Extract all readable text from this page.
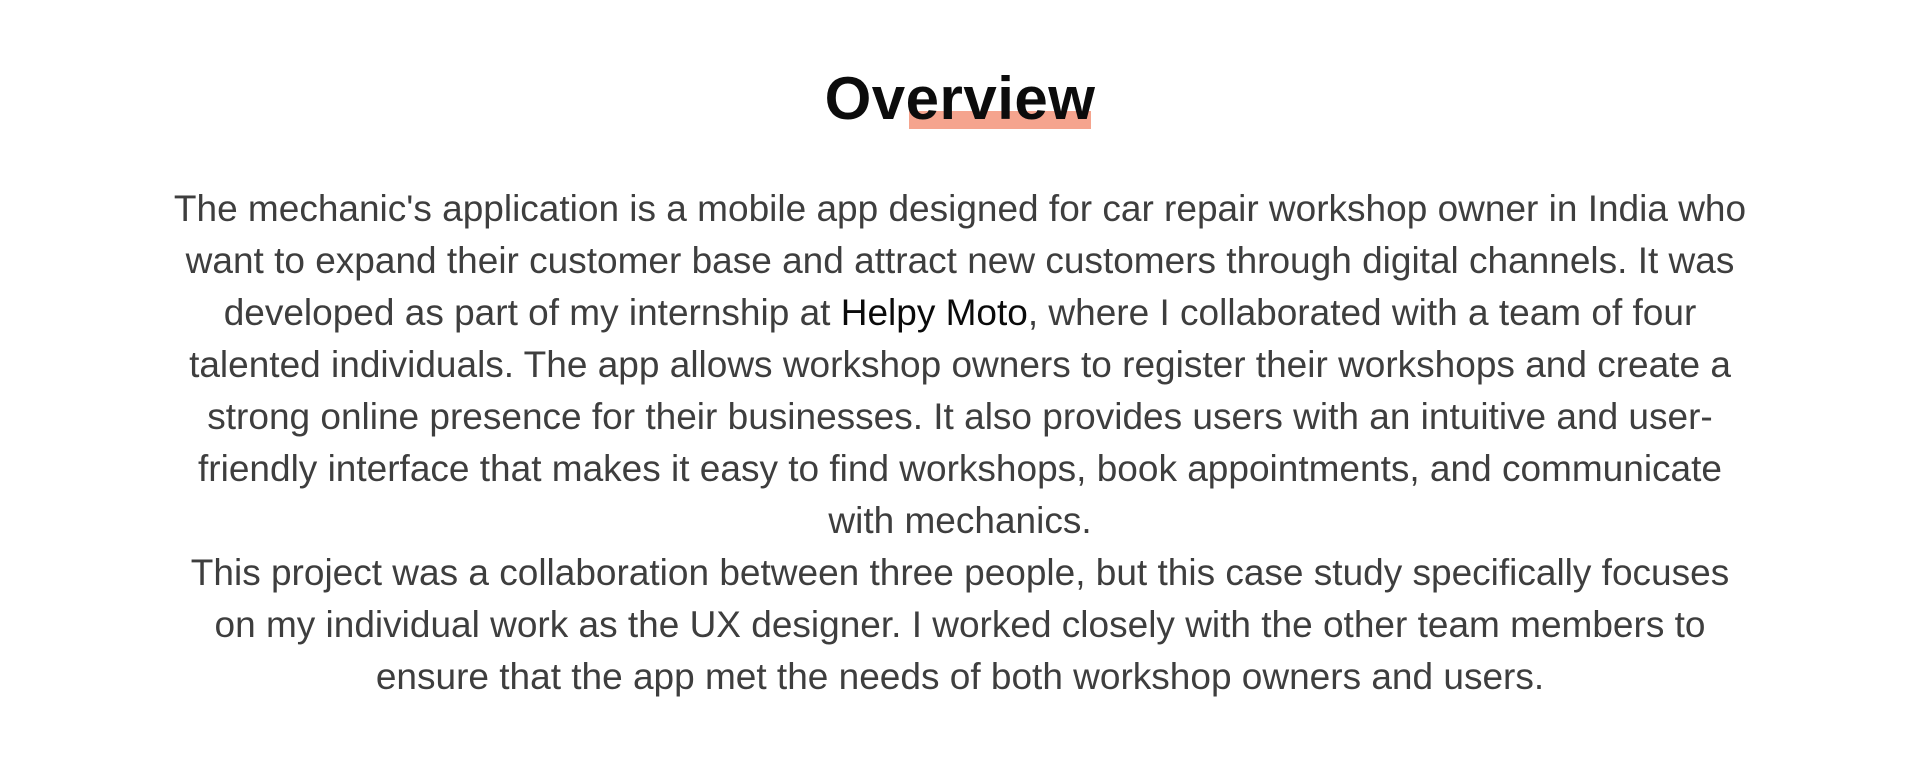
Overview
The mechanic's application is a mobile app designed for car repair workshop owner in India who
want to expand their customer base and attract new customers through digital channels. It was
developed as part of my internship at Helpy Moto, where I collaborated with a team of four
talented individuals. The app allows workshop owners to register their workshops and create a
strong online presence for their businesses. It also provides users with an intuitive and user-
friendly interface that makes it easy to find workshops, book appointments, and communicate
with mechanics.
This project was a collaboration between three people, but this case study specifically focuses
on my individual work as the UX designer. I worked closely with the other team members to
ensure that the app met the needs of both workshop owners and users.
